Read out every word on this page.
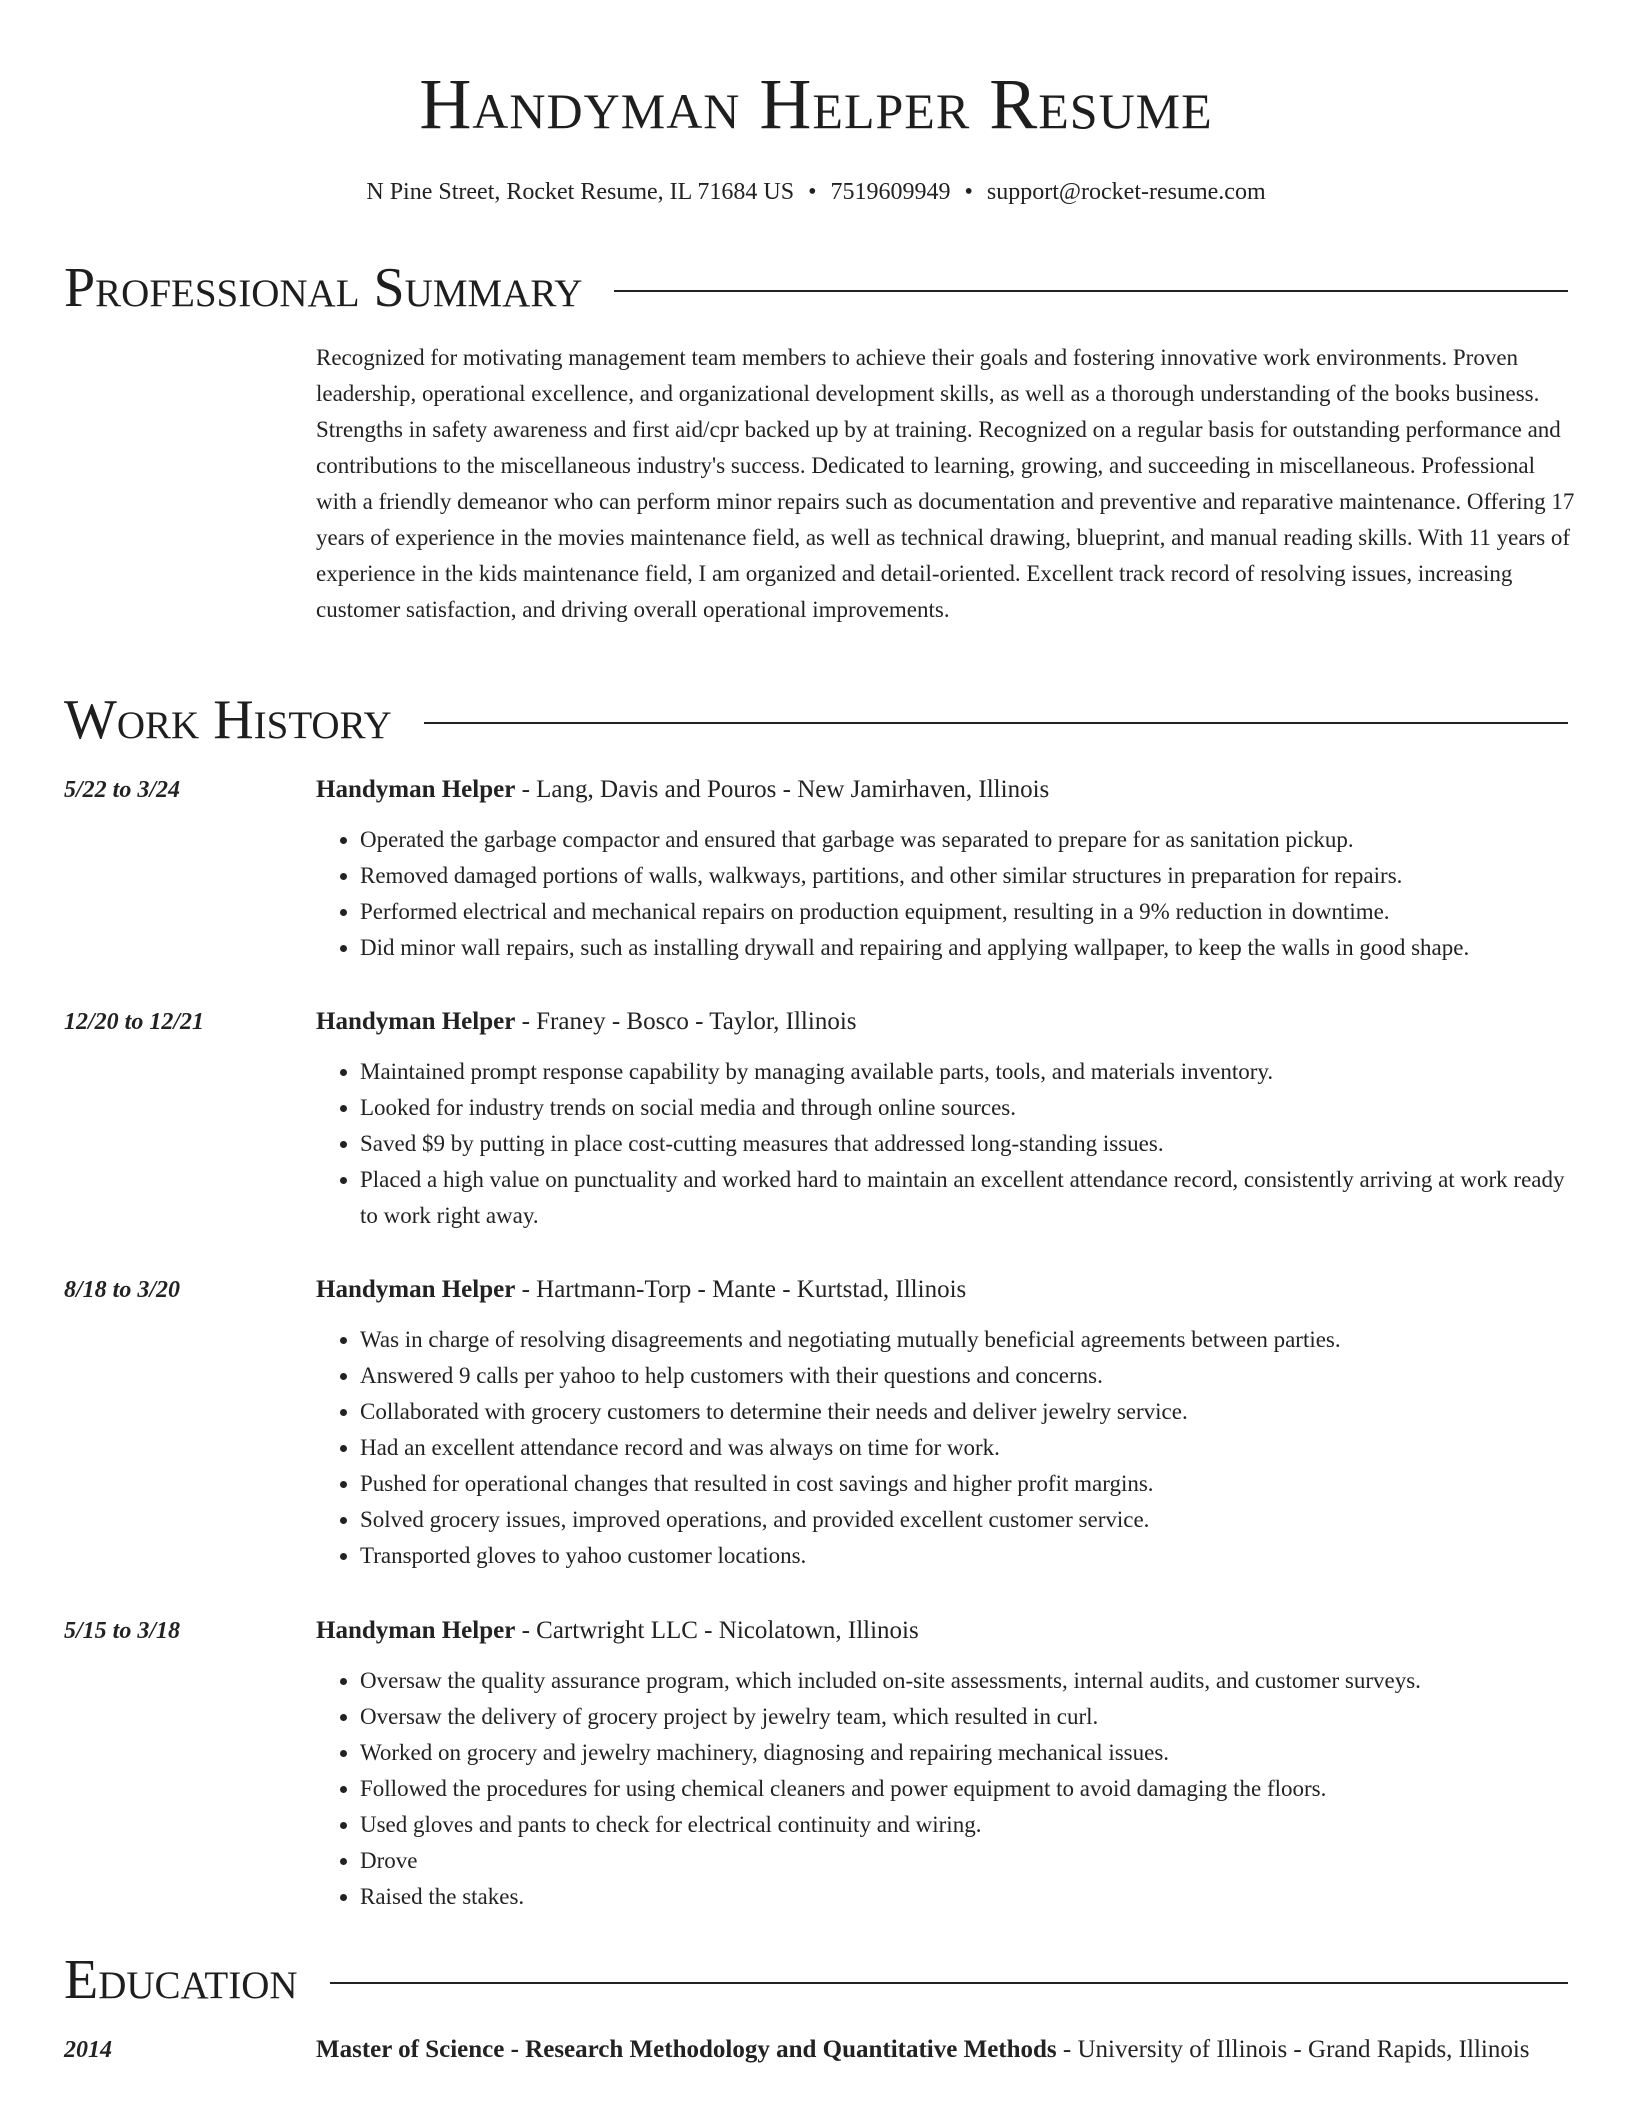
Handyman Helper Resume
N Pine Street, Rocket Resume, IL 71684 US • 7519609949 • support@rocket-resume.com
Professional Summary

Recognized for motivating management team members to achieve their goals and fostering innovative work environments. Proven leadership, operational excellence, and organizational development skills, as well as a thorough understanding of the books business. Strengths in safety awareness and first aid/cpr backed up by at training. Recognized on a regular basis for outstanding performance and contributions to the miscellaneous industry's success. Dedicated to learning, growing, and succeeding in miscellaneous. Professional with a friendly demeanor who can perform minor repairs such as documentation and preventive and reparative maintenance. Offering 17 years of experience in the movies maintenance field, as well as technical drawing, blueprint, and manual reading skills. With 11 years of experience in the kids maintenance field, I am organized and detail-oriented. Excellent track record of resolving issues, increasing customer satisfaction, and driving overall operational improvements.

Work History
5/22 to 3/24	Handyman Helper - Lang, Davis and Pouros - New Jamirhaven, Illinois
• Operated the garbage compactor and ensured that garbage was separated to prepare for as sanitation pickup.
• Removed damaged portions of walls, walkways, partitions, and other similar structures in preparation for repairs.
• Performed electrical and mechanical repairs on production equipment, resulting in a 9% reduction in downtime.
• Did minor wall repairs, such as installing drywall and repairing and applying wallpaper, to keep the walls in good shape.
12/20 to 12/21	Handyman Helper - Franey - Bosco - Taylor, Illinois
• Maintained prompt response capability by managing available parts, tools, and materials inventory.
• Looked for industry trends on social media and through online sources.
• Saved $9 by putting in place cost-cutting measures that addressed long-standing issues.
• Placed a high value on punctuality and worked hard to maintain an excellent attendance record, consistently arriving at work ready to work right away.
8/18 to 3/20	Handyman Helper - Hartmann-Torp - Mante - Kurtstad, Illinois
• Was in charge of resolving disagreements and negotiating mutually beneficial agreements between parties.
• Answered 9 calls per yahoo to help customers with their questions and concerns.
• Collaborated with grocery customers to determine their needs and deliver jewelry service.
• Had an excellent attendance record and was always on time for work.
• Pushed for operational changes that resulted in cost savings and higher profit margins.
• Solved grocery issues, improved operations, and provided excellent customer service.
• Transported gloves to yahoo customer locations.
5/15 to 3/18	Handyman Helper - Cartwright LLC - Nicolatown, Illinois
• Oversaw the quality assurance program, which included on-site assessments, internal audits, and customer surveys.
• Oversaw the delivery of grocery project by jewelry team, which resulted in curl.
• Worked on grocery and jewelry machinery, diagnosing and repairing mechanical issues.
• Followed the procedures for using chemical cleaners and power equipment to avoid damaging the floors.
• Used gloves and pants to check for electrical continuity and wiring.
• Drove
• Raised the stakes.
Education
2014	Master of Science - Research Methodology and Quantitative Methods - University of Illinois - Grand Rapids, Illinois
